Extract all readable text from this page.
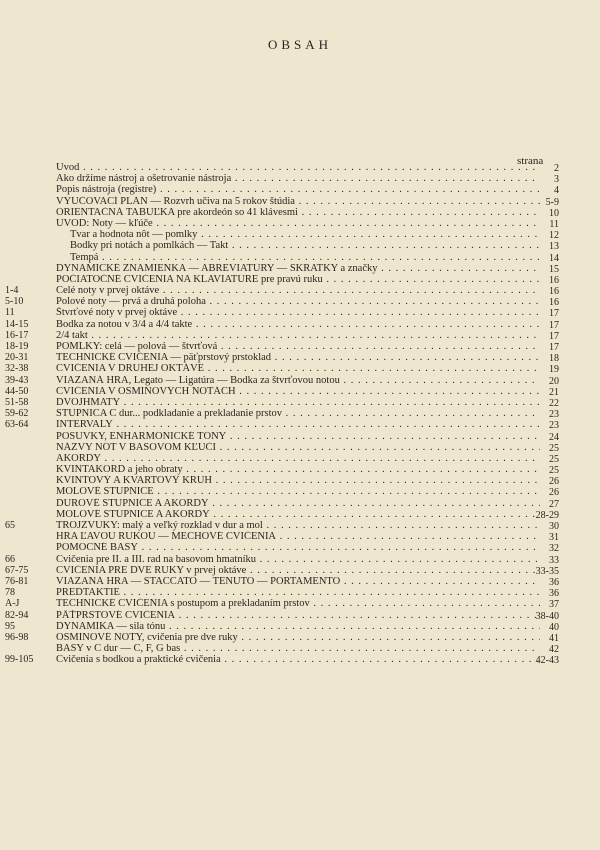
OBSAH
strana
Úvod . . .	2
Ako držíme nástroj a ošetrovanie nástroja . . .	3
Popis nástroja (registre) . . .	4
VYUČOVACÍ PLÁN — Rozvrh učiva na 5 rokov štúdia . . .	5-9
ORIENTAČNÁ TABUĽKA pre akordeón so 41 klávesmi . . .	10
ÚVOD: Noty — kľúče . . .	11
Tvar a hodnota nôt — pomlky . . .	12
Bodky pri notách a pomlkách — Takt . . .	13
Tempá . . .	14
DYNAMICKÉ ZNAMIENKA — ABREVIATÚRY — SKRATKY a značky . . .	15
POČIATOČNÉ CVIČENIA NA KLAVIATÚRE pre pravú ruku . . .	16
1-4	Celé noty v prvej oktáve . . .	16
5-10	Polové noty — prvá a druhá poloha . . .	16
11	Štvrťové noty v prvej oktáve . . .	17
14-15	Bodka za notou v 3/4 a 4/4 takte . . .	17
16-17	2/4 takt . . .	17
18-19	POMLKY: celá — polová — štvrťová . . .	17
20-31	TECHNICKÉ CVIČENIA — päťprstový prstoklad . . .	18
32-38	CVIČENIA V DRUHEJ OKTÁVE . . .	19
39-43	VIAZANÁ HRA, Legato — Ligatúra — Bodka za štvrťovou notou . . .	20
44-50	CVIČENIA V OSMINOVÝCH NOTÁCH . . .	21
51-58	DVOJHMATY . . .	22
59-62	STUPNICA C dur... podkladanie a prekladanie prstov . . .	23
63-64	INTERVALY . . .	23
POSUVKY, ENHARMONICKÉ TÓNY . . .	24
NÁZVY NÔT V BASOVOM KĽÚČI . . .	25
AKORDY . . .	25
KVINTAKORD a jeho obraty . . .	25
KVINTOVÝ A KVARTOVÝ KRUH . . .	26
MOLOVÉ STUPNICE . . .	26
DUROVÉ STUPNICE A AKORDY . . .	27
MOLOVÉ STUPNICE A AKORDY . . .	28-29
65	TROJZVUKY: malý a veľký rozklad v dur a mol . . .	30
HRA ĽAVOU RUKOU — MECHOVÉ CVIČENIA . . .	31
POMOCNÉ BASY . . .	32
66	Cvičenia pre II. a III. rad na basovom hmatníku . . .	33
67-75	CVIČENIA PRE DVE RUKY v prvej oktáve . . .	33-35
76-81	VIAZANÁ HRA — STACCATO — TENUTO — PORTAMENTO . . .	36
78	PREDTAKTIE . . .	36
A-J	TECHNICKÉ CVIČENIA s postupom a prekladaním prstov . . .	37
82-94	PÄŤPRSTOVÉ CVIČENIA . . .	38-40
95	DYNAMIKA — sila tónu . . .	40
96-98	OSMINOVÉ NOTY, cvičenia pre dve ruky . . .	41
BASY v C dur — C, F, G bas . . .	42
99-105 Cvičenia s bodkou a praktické cvičenia . . .	42-43
